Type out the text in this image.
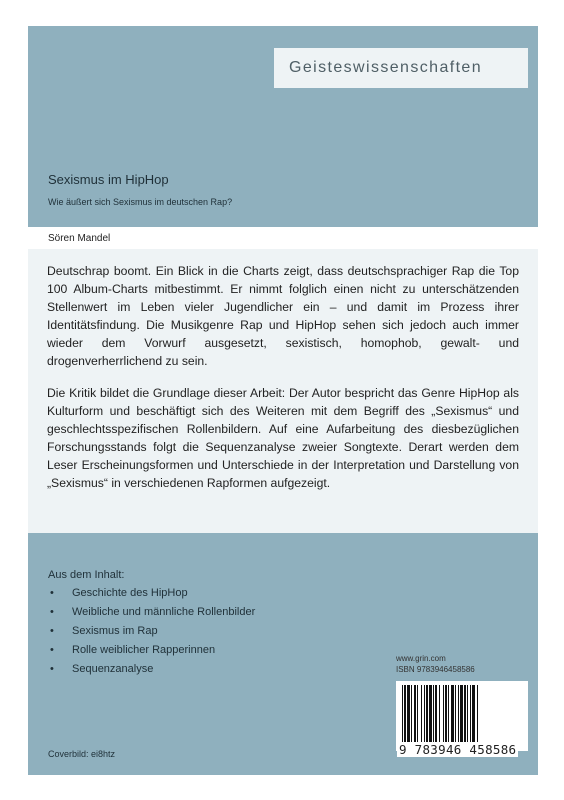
Geisteswissenschaften
Sexismus im HipHop
Wie äußert sich Sexismus im deutschen Rap?
Sören Mandel

Deutschrap boomt. Ein Blick in die Charts zeigt, dass deutschsprachiger Rap die Top 100 Album-Charts mitbestimmt. Er nimmt folglich einen nicht zu unterschätzenden Stellenwert im Leben vieler Jugendlicher ein – und damit im Prozess ihrer Identitätsfindung. Die Musikgenre Rap und HipHop sehen sich jedoch auch immer wieder dem Vorwurf ausgesetzt, sexistisch, homophob, gewalt- und drogenverherrlichend zu sein.

Die Kritik bildet die Grundlage dieser Arbeit: Der Autor bespricht das Genre HipHop als Kulturform und beschäftigt sich des Weiteren mit dem Begriff des „Sexismus“ und geschlechtsspezifischen Rollenbildern. Auf eine Aufarbeitung des diesbezüglichen Forschungsstands folgt die Sequenzanalyse zweier Songtexte. Derart werden dem Leser Erscheinungsformen und Unterschiede in der Interpretation und Darstellung von „Sexismus“ in verschiedenen Rapformen aufgezeigt.

Aus dem Inhalt:
• Geschichte des HipHop
• Weibliche und männliche Rollenbilder
• Sexismus im Rap
• Rolle weiblicher Rapperinnen
• Sequenzanalyse
www.grin.com
ISBN 9783946458586
9 783946 458586
Coverbild: ei8htz
